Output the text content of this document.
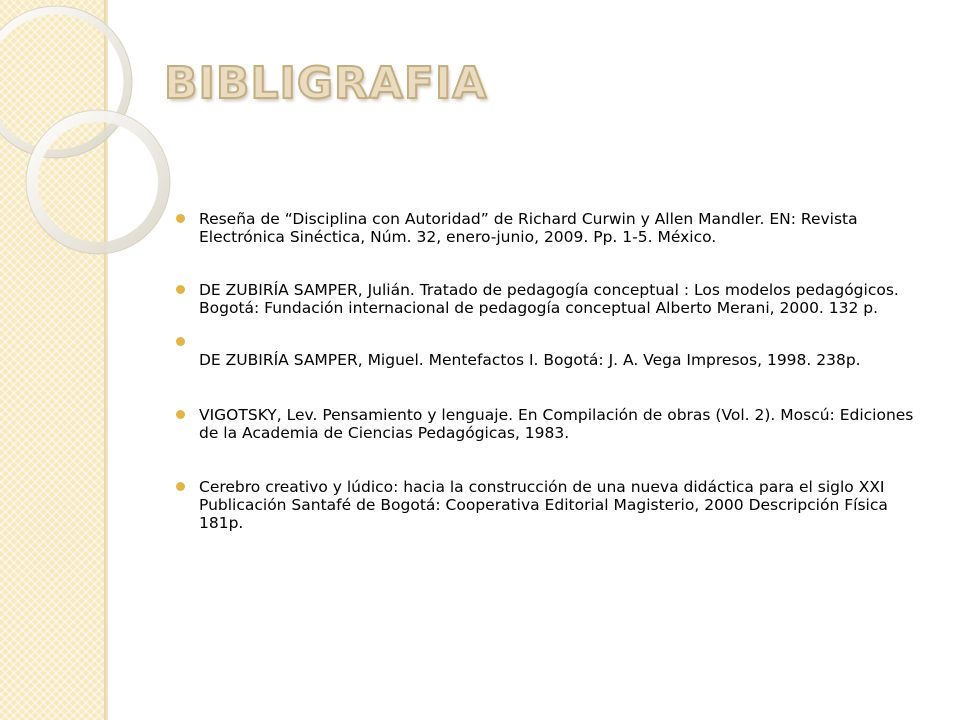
BIBLIGRAFIA
Reseña de “Disciplina con Autoridad” de Richard Curwin y Allen Mandler. EN: Revista Electrónica Sinéctica, Núm. 32, enero-junio, 2009. Pp. 1-5. México.
DE ZUBIRÍA SAMPER, Julián. Tratado de pedagogía conceptual : Los modelos pedagógicos. Bogotá: Fundación internacional de pedagogía conceptual Alberto Merani, 2000. 132 p.
DE ZUBIRÍA SAMPER, Miguel. Mentefactos I. Bogotá: J. A. Vega Impresos, 1998. 238p.
VIGOTSKY, Lev. Pensamiento y lenguaje. En Compilación de obras (Vol. 2). Moscú: Ediciones de la Academia de Ciencias Pedagógicas, 1983.
Cerebro creativo y lúdico: hacia la construcción de una nueva didáctica para el siglo XXI Publicación Santafé de Bogotá: Cooperativa Editorial Magisterio, 2000 Descripción Física 181p.
